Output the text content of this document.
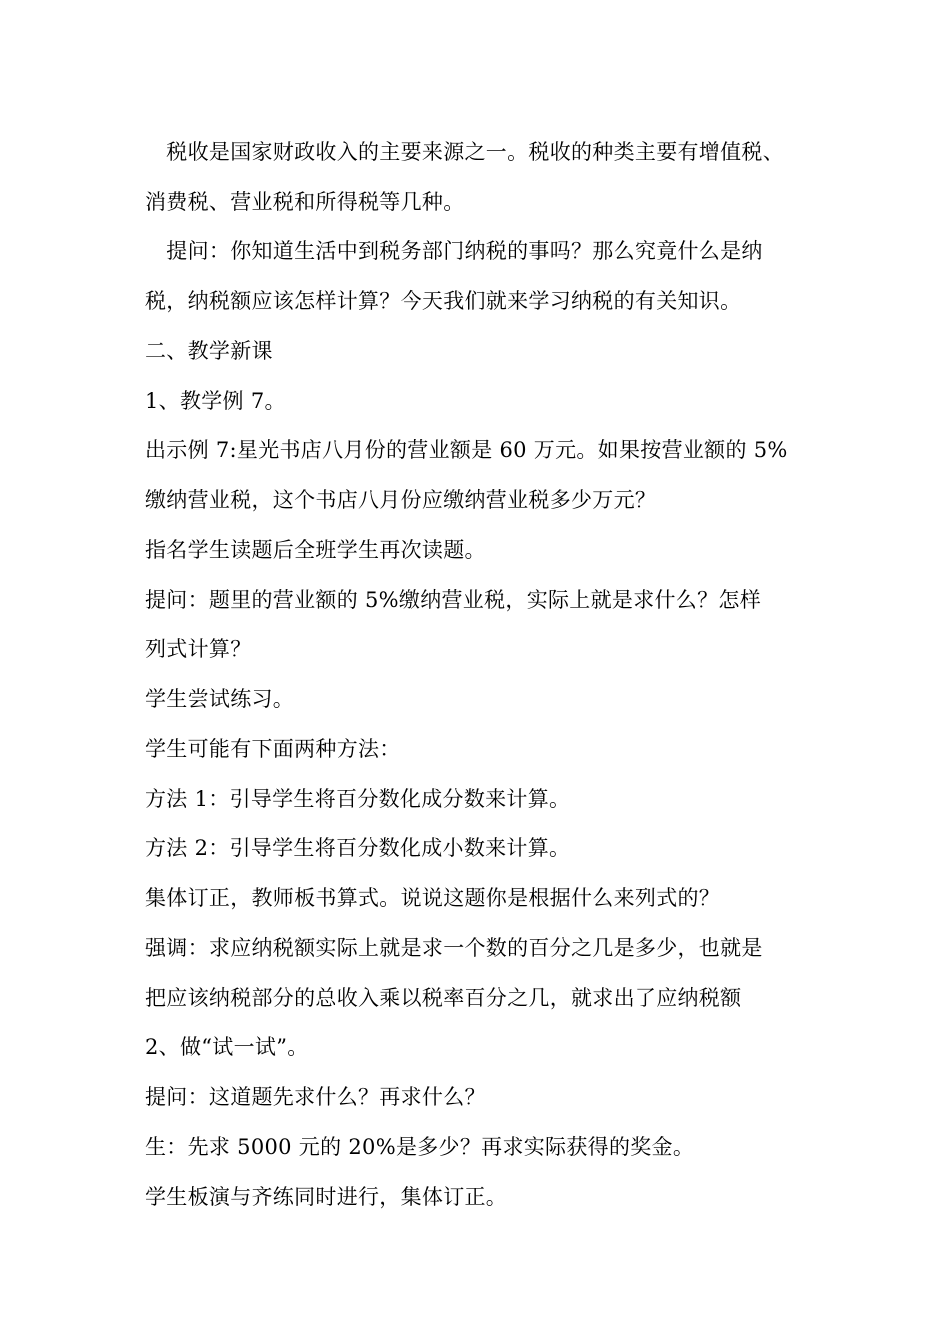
　税收是国家财政收入的主要来源之一。税收的种类主要有增值税、
消费税、营业税和所得税等几种。
　提问：你知道生活中到税务部门纳税的事吗？那么究竟什么是纳
税，纳税额应该怎样计算？今天我们就来学习纳税的有关知识。
二、教学新课
1、教学例 7。
出示例 7:星光书店八月份的营业额是 60 万元。如果按营业额的 5%
缴纳营业税，这个书店八月份应缴纳营业税多少万元？
指名学生读题后全班学生再次读题。
提问：题里的营业额的 5%缴纳营业税，实际上就是求什么？怎样
列式计算？
学生尝试练习。
学生可能有下面两种方法：
方法 1：引导学生将百分数化成分数来计算。
方法 2：引导学生将百分数化成小数来计算。
集体订正，教师板书算式。说说这题你是根据什么来列式的？
强调：求应纳税额实际上就是求一个数的百分之几是多少，也就是
把应该纳税部分的总收入乘以税率百分之几，就求出了应纳税额
2、做“试一试”。
提问：这道题先求什么？再求什么？
生：先求 5000 元的 20%是多少？再求实际获得的奖金。
学生板演与齐练同时进行，集体订正。
